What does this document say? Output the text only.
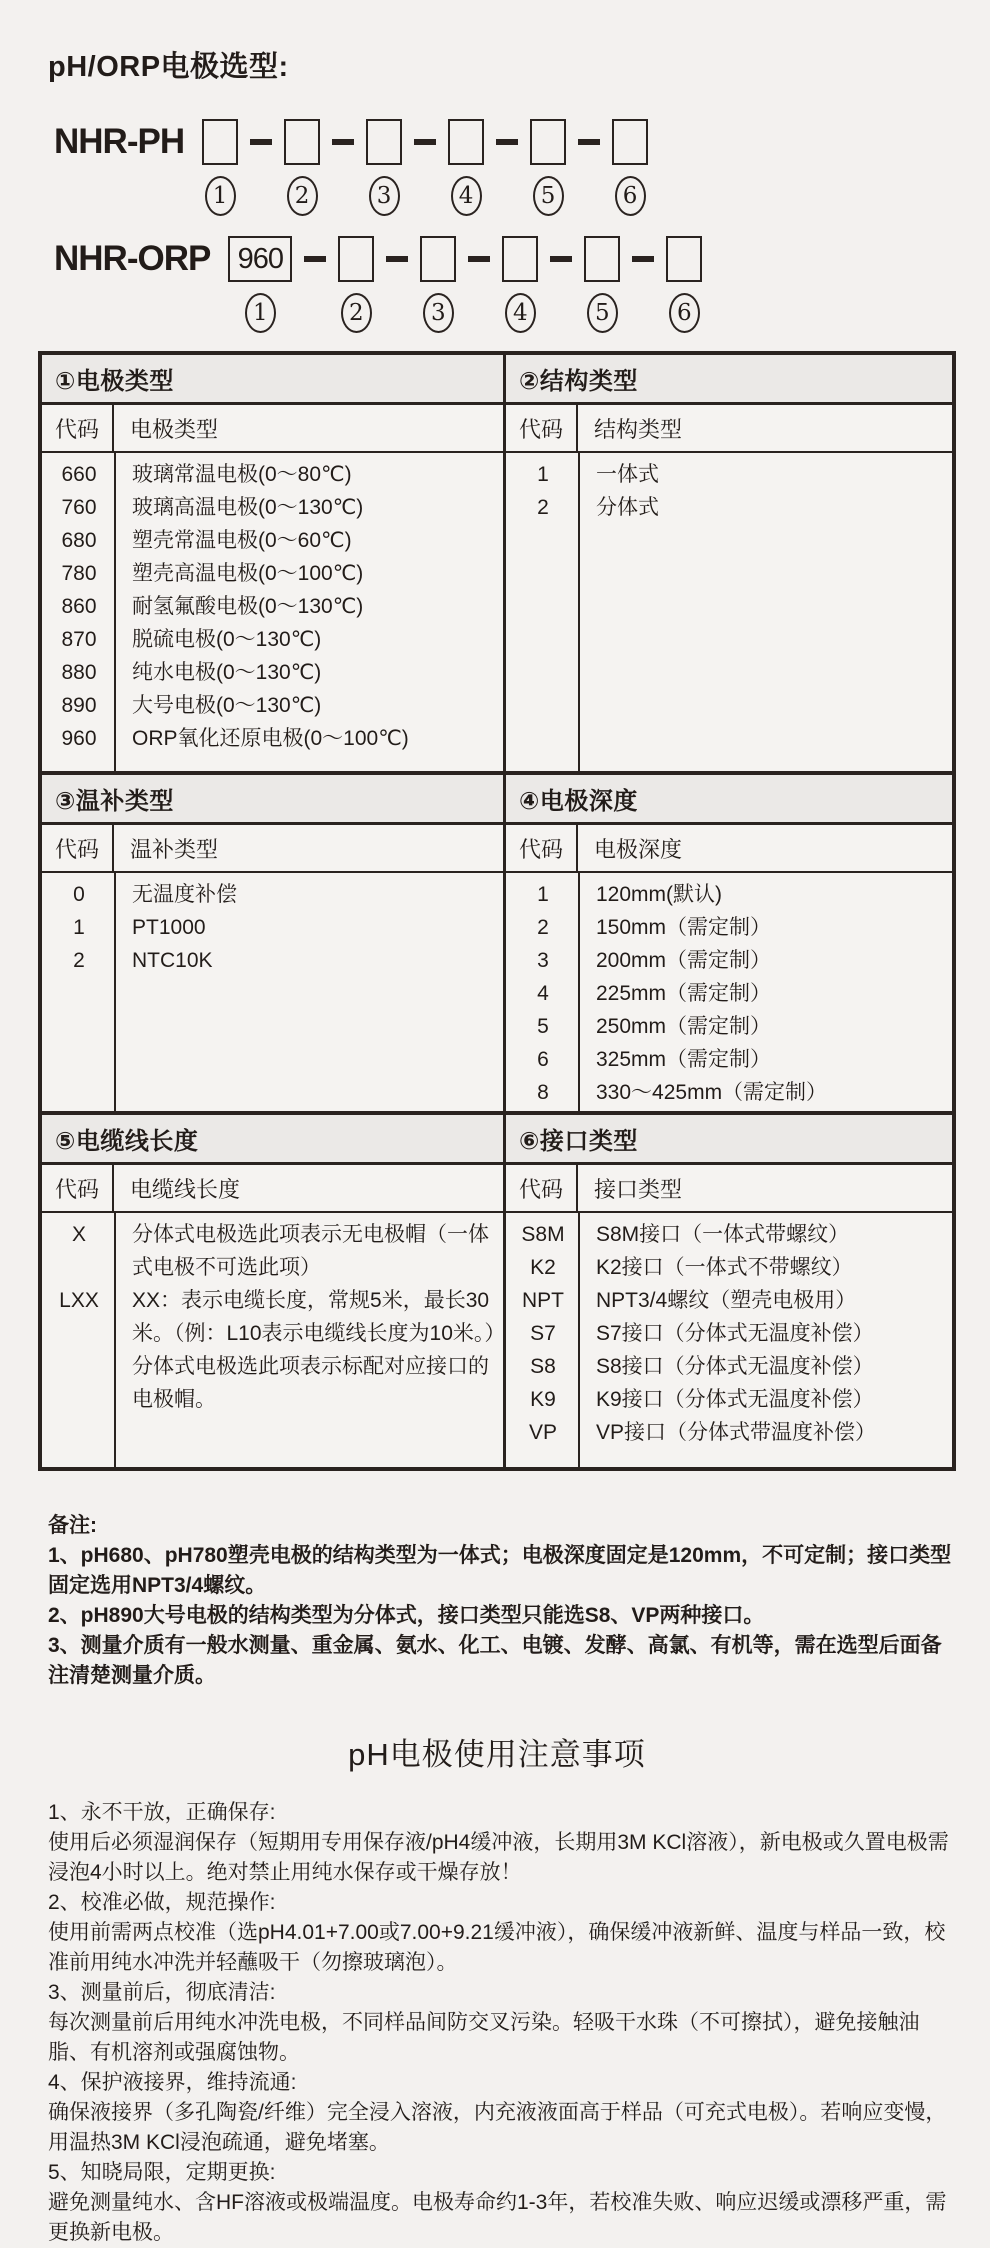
pH/ORP电极选型:
NHR-PH
1	2	3	4	5	6
NHR-ORP 960
1	2	3	4	5	6
①电极类型
代码	电极类型
660	玻璃常温电极(0～80℃)
760	玻璃高温电极(0～130℃)
680	塑壳常温电极(0～60℃)
780	塑壳高温电极(0～100℃)
860	耐氢氟酸电极(0～130℃)
870	脱硫电极(0～130℃)
880	纯水电极(0～130℃)
890	大号电极(0～130℃)
960	ORP氧化还原电极(0～100℃)
②结构类型
代码	结构类型
1	一体式
2	分体式
③温补类型
代码	温补类型
0	无温度补偿
1	PT1000
2	NTC10K
④电极深度
代码	电极深度
1	120mm(默认)
2	150mm（需定制）
3	200mm（需定制）
4	225mm（需定制）
5	250mm（需定制）
6	325mm（需定制）
8	330～425mm（需定制）
⑤电缆线长度
代码	电缆线长度
X	分体式电极选此项表示无电极帽（一体式电极不可选此项）
LXX	XX：表示电缆长度，常规5米，最长30米。（例：L10表示电缆线长度为10米。）分体式电极选此项表示标配对应接口的电极帽。
⑥接口类型
代码	接口类型
S8M	S8M接口（一体式带螺纹）
K2	K2接口（一体式不带螺纹）
NPT	NPT3/4螺纹（塑壳电极用）
S7	S7接口（分体式无温度补偿）
S8	S8接口（分体式无温度补偿）
K9	K9接口（分体式无温度补偿）
VP	VP接口（分体式带温度补偿）

备注:

1、pH680、pH780塑壳电极的结构类型为一体式；电极深度固定是120mm，不可定制；接口类型固定选用NPT3/4螺纹。

2、pH890大号电极的结构类型为分体式，接口类型只能选S8、VP两种接口。

3、测量介质有一般水测量、重金属、氨水、化工、电镀、发酵、高氯、有机等，需在选型后面备注清楚测量介质。

pH电极使用注意事项

1、永不干放，正确保存:

使用后必须湿润保存（短期用专用保存液/pH4缓冲液，长期用3M KCl溶液），新电极或久置电极需浸泡4小时以上。绝对禁止用纯水保存或干燥存放！

2、校准必做，规范操作:

使用前需两点校准（选pH4.01+7.00或7.00+9.21缓冲液），确保缓冲液新鲜、温度与样品一致，校准前用纯水冲洗并轻蘸吸干（勿擦玻璃泡）。

3、测量前后，彻底清洁:

每次测量前后用纯水冲洗电极，不同样品间防交叉污染。轻吸干水珠（不可擦拭），避免接触油脂、有机溶剂或强腐蚀物。

4、保护液接界，维持流通:

确保液接界（多孔陶瓷/纤维）完全浸入溶液，内充液液面高于样品（可充式电极）。若响应变慢，用温热3M KCl浸泡疏通，避免堵塞。

5、知晓局限，定期更换:

避免测量纯水、含HF溶液或极端温度。电极寿命约1-3年，若校准失败、响应迟缓或漂移严重，需更换新电极。
